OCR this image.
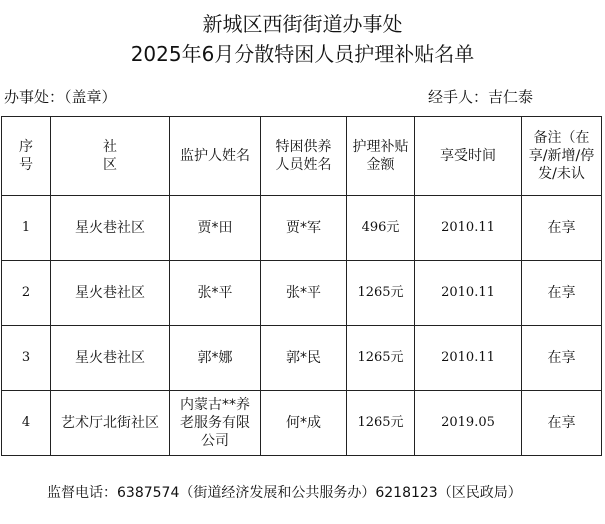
新城区西街街道办事处
2025年6月分散特困人员护理补贴名单
办事处：（盖章）	经手人：吉仁泰
序号	社区	监护人姓名	特困供养人员姓名	护理补贴金额	享受时间	备注（在享/新增/停发/未认
1	星火巷社区	贾*田	贾*军	496元	2010.11	在享
2	星火巷社区	张*平	张*平	1265元	2010.11	在享
3	星火巷社区	郭*娜	郭*民	1265元	2010.11	在享
4	艺术厅北街社区	内蒙古**养老服务有限公司	何*成	1265元	2019.05	在享
监督电话：6387574（街道经济发展和公共服务办）6218123（区民政局）
